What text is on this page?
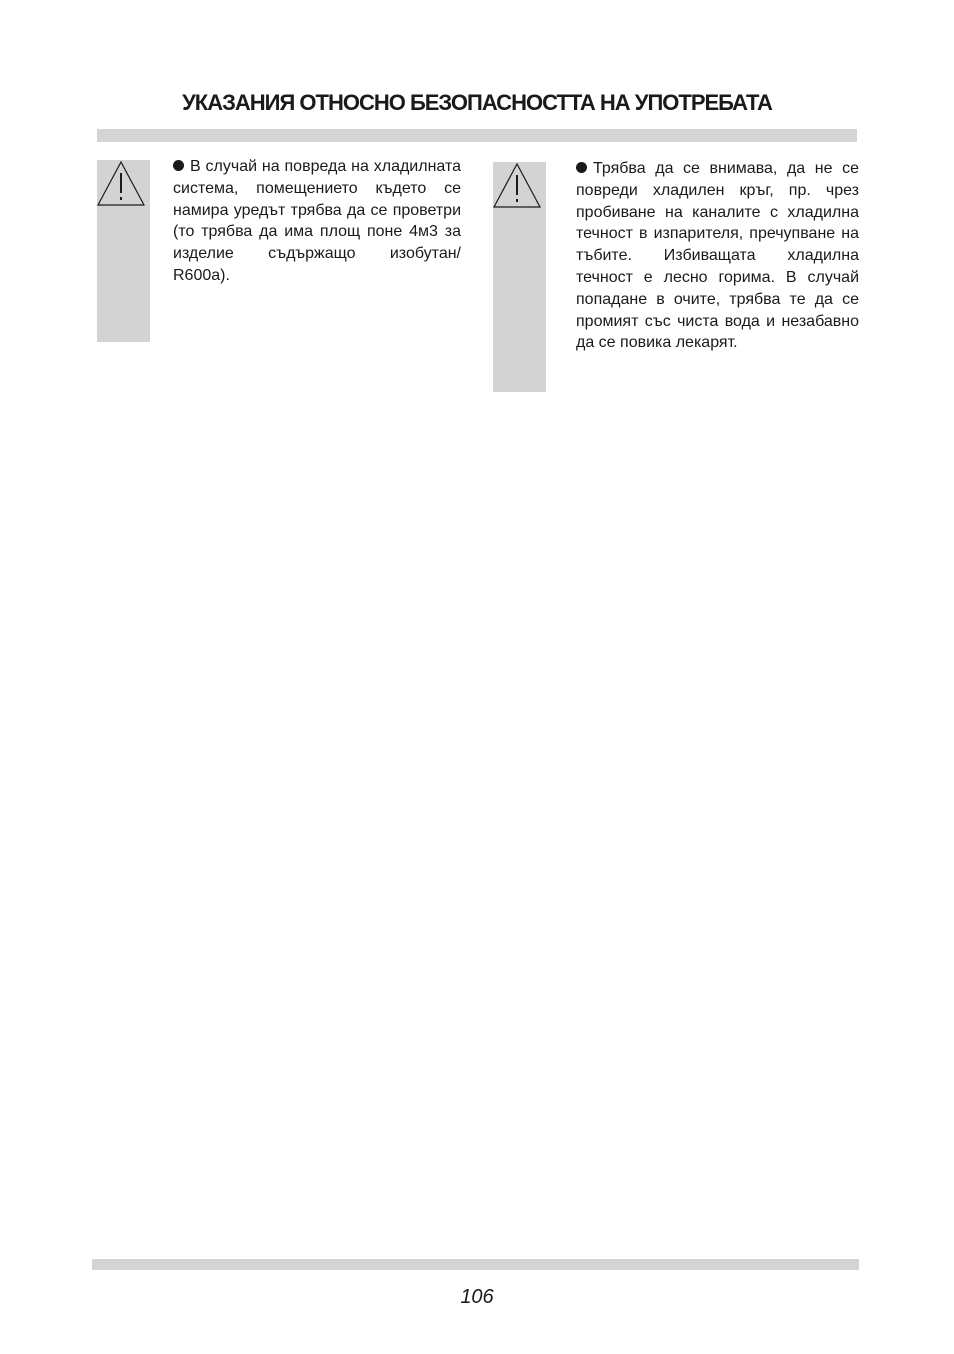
УКАЗАНИЯ ОТНОСНО БЕЗОПАСНОСТТА НА УПОТРЕБАТА
В случай на повреда на хладилната система, помещението където се намира уредът трябва да се проветри (то трябва да има площ поне 4м3 за изделие съдържащо изобутан/ R600a).
Трябва да се внимава, да не се повреди хладилен кръг, пр. чрез пробиване на каналите с хладилна течност в изпарителя, пречупване на тъбите. Избиващата хладилна течност е лесно горима. В случай попадане в очите, трябва те да се промият със чиста вода и незабавно да се повика лекарят.
106
